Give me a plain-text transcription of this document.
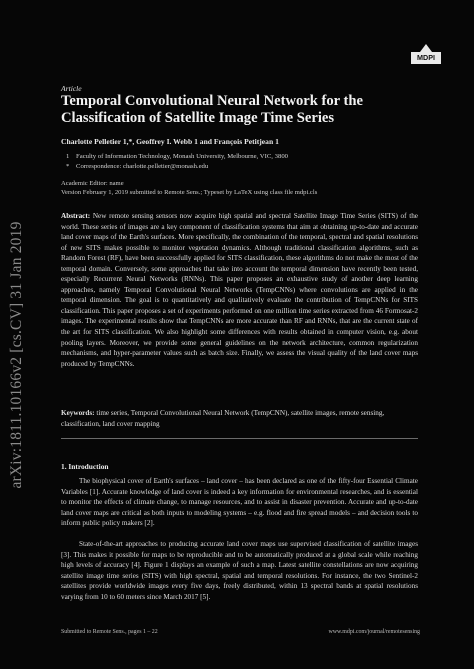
arXiv:1811.10166v2 [cs.CV] 31 Jan 2019
MDPI
Article
Temporal Convolutional Neural Network for the
Classification of Satellite Image Time Series
Charlotte Pelletier 1,*, Geoffrey I. Webb 1 and François Petitjean 1
1 Faculty of Information Technology, Monash University, Melbourne, VIC, 3800
* Correspondence: charlotte.pelletier@monash.edu
Academic Editor: name
Version February 1, 2019 submitted to Remote Sens.; Typeset by LaTeX using class file mdpi.cls
Abstract: New remote sensing sensors now acquire high spatial and spectral Satellite Image Time Series (SITS) of the world. These series of images are a key component of classification systems that aim at obtaining up-to-date and accurate land cover maps of the Earth's surfaces. More specifically, the combination of the temporal, spectral and spatial resolutions of new SITS makes possible to monitor vegetation dynamics. Although traditional classification algorithms, such as Random Forest (RF), have been successfully applied for SITS classification, these algorithms do not make the most of the temporal domain. Conversely, some approaches that take into account the temporal dimension have recently been tested, especially Recurrent Neural Networks (RNNs). This paper proposes an exhaustive study of another deep learning approaches, namely Temporal Convolutional Neural Networks (TempCNNs) where convolutions are applied in the temporal dimension. The goal is to quantitatively and qualitatively evaluate the contribution of TempCNNs for SITS classification. This paper proposes a set of experiments performed on one million time series extracted from 46 Formosat-2 images. The experimental results show that TempCNNs are more accurate than RF and RNNs, that are the current state of the art for SITS classification. We also highlight some differences with results obtained in computer vision, e.g. about pooling layers. Moreover, we provide some general guidelines on the network architecture, common regularization mechanisms, and hyper-parameter values such as batch size. Finally, we assess the visual quality of the land cover maps produced by TempCNNs.
Keywords: time series, Temporal Convolutional Neural Network (TempCNN), satellite images, remote sensing, classification, land cover mapping
1. Introduction
The biophysical cover of Earth's surfaces – land cover – has been declared as one of the fifty-four Essential Climate Variables [1]. Accurate knowledge of land cover is indeed a key information for environmental researches, and is essential to monitor the effects of climate change, to manage resources, and to assist in disaster prevention. Accurate and up-to-date land cover maps are critical as both inputs to modeling systems – e.g. flood and fire spread models – and decision tools to inform public policy makers [2].
State-of-the-art approaches to producing accurate land cover maps use supervised classification of satellite images [3]. This makes it possible for maps to be reproducible and to be automatically produced at a global scale while reaching high levels of accuracy [4]. Figure 1 displays an example of such a map. Latest satellite constellations are now acquiring satellite image time series (SITS) with high spectral, spatial and temporal resolutions. For instance, the two Sentinel-2 satellites provide worldwide images every five days, freely distributed, within 13 spectral bands at spatial resolutions varying from 10 to 60 meters since March 2017 [5].
Submitted to Remote Sens., pages 1 – 22	www.mdpi.com/journal/remotesensing
